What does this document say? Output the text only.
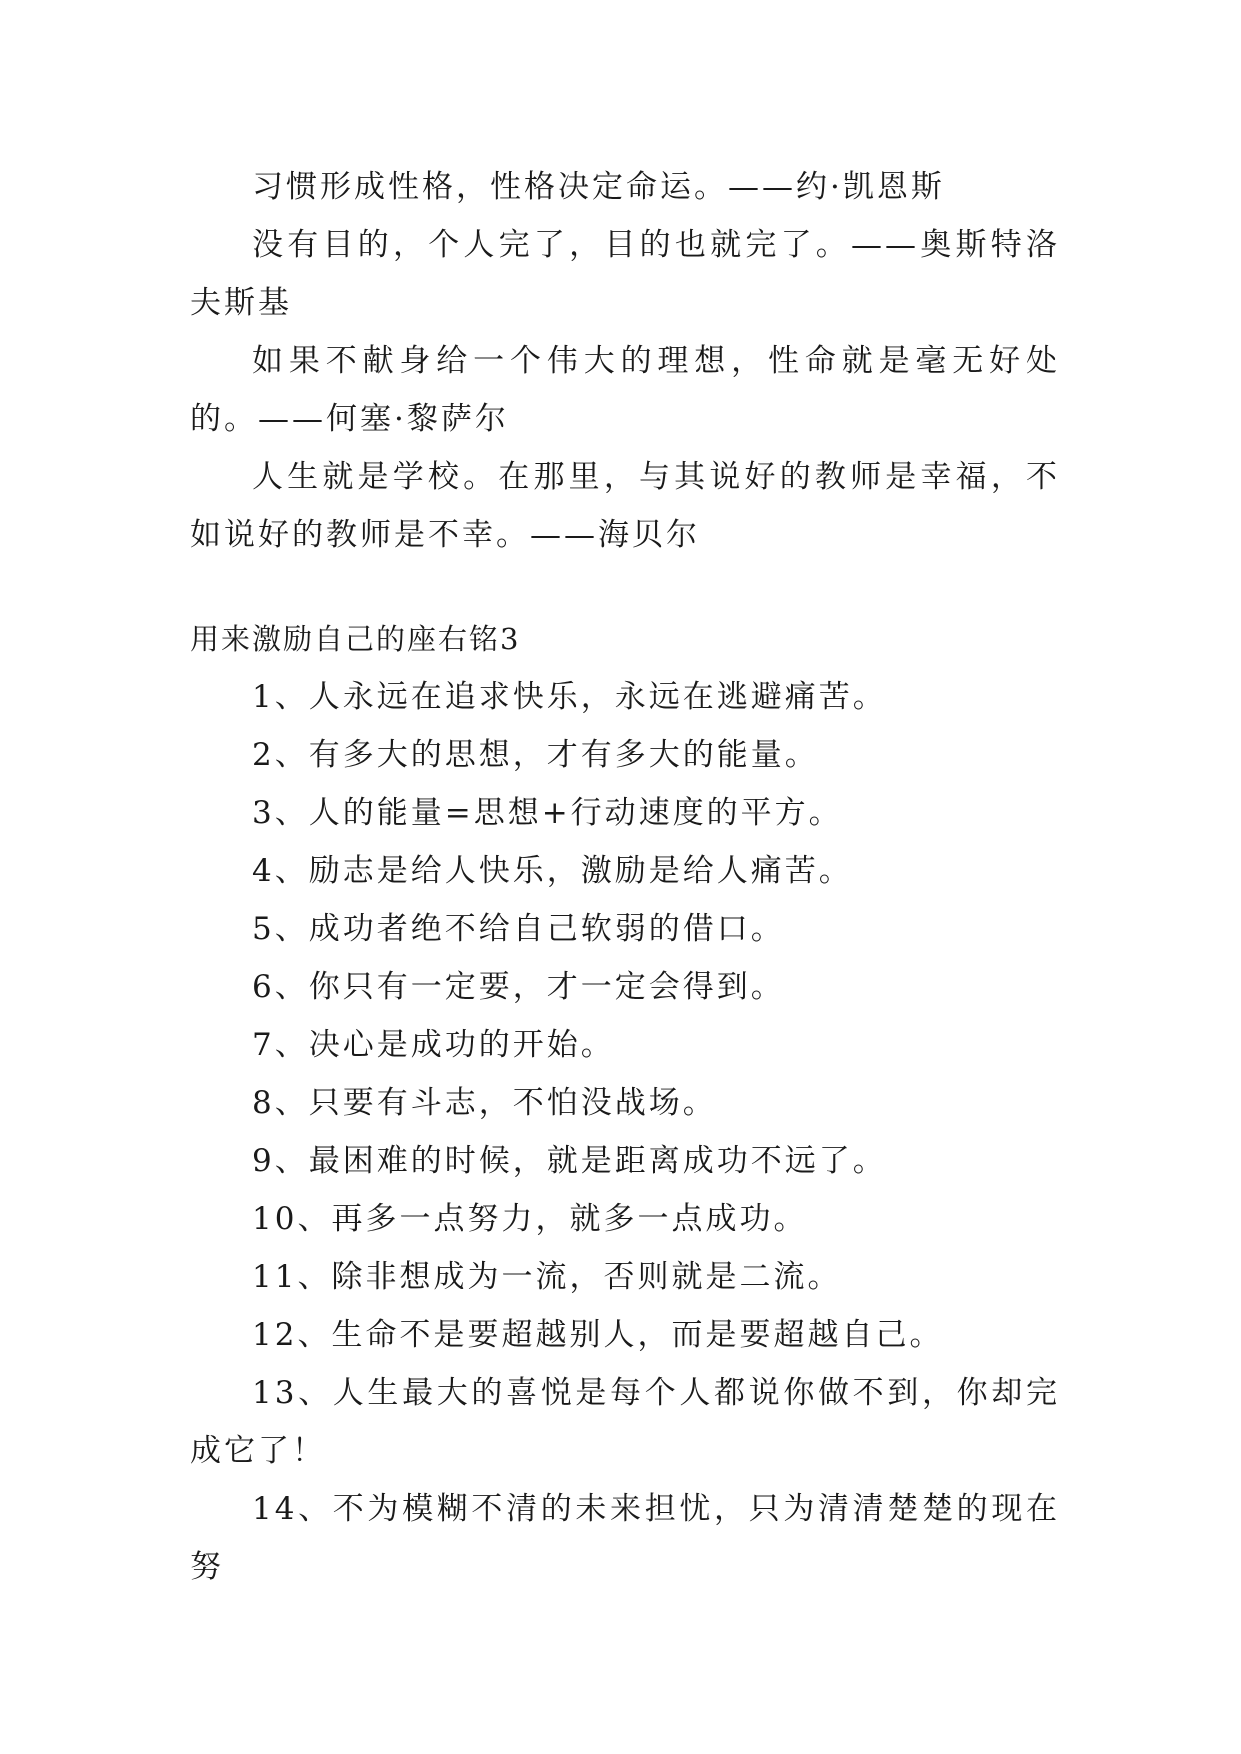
习惯形成性格，性格决定命运。——约·凯恩斯

没有目的，个人完了，目的也就完了。——奥斯特洛夫斯基

如果不献身给一个伟大的理想，性命就是毫无好处的。——何塞·黎萨尔

人生就是学校。在那里，与其说好的教师是幸福，不如说好的教师是不幸。——海贝尔

用来激励自己的座右铭3
1、人永远在追求快乐，永远在逃避痛苦。
2、有多大的思想，才有多大的能量。
3、人的能量=思想+行动速度的平方。
4、励志是给人快乐，激励是给人痛苦。
5、成功者绝不给自己软弱的借口。
6、你只有一定要，才一定会得到。
7、决心是成功的开始。
8、只要有斗志，不怕没战场。
9、最困难的时候，就是距离成功不远了。
10、再多一点努力，就多一点成功。
11、除非想成为一流，否则就是二流。
12、生命不是要超越别人，而是要超越自己。
13、人生最大的喜悦是每个人都说你做不到，你却完成它了！
14、不为模糊不清的未来担忧，只为清清楚楚的现在努
